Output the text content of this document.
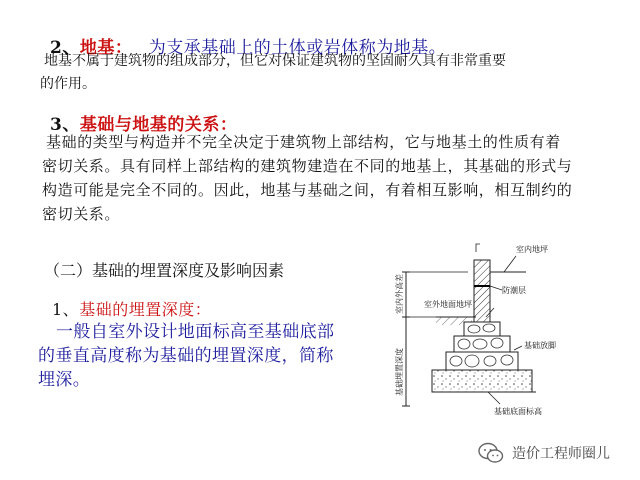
2、地基： 为支承基础上的土体或岩体称为地基。
地基不属于建筑物的组成部分，但它对保证建筑物的坚固耐久具有非常重要
的作用。
3、基础与地基的关系：
基础的类型与构造并不完全决定于建筑物上部结构，它与地基土的性质有着
密切关系。具有同样上部结构的建筑物建造在不同的地基上，其基础的形式与
构造可能是完全不同的。因此，地基与基础之间，有着相互影响，相互制约的
密切关系。
（二）基础的埋置深度及影响因素
1、基础的埋置深度：
一般自室外设计地面标高至基础底部
的垂直高度称为基础的埋置深度，简称
埋深。
室内外高差
基础埋置深度
室内地坪
防潮层
室外地面地坪
基础放脚
基础底面标高
造价工程师圈儿
